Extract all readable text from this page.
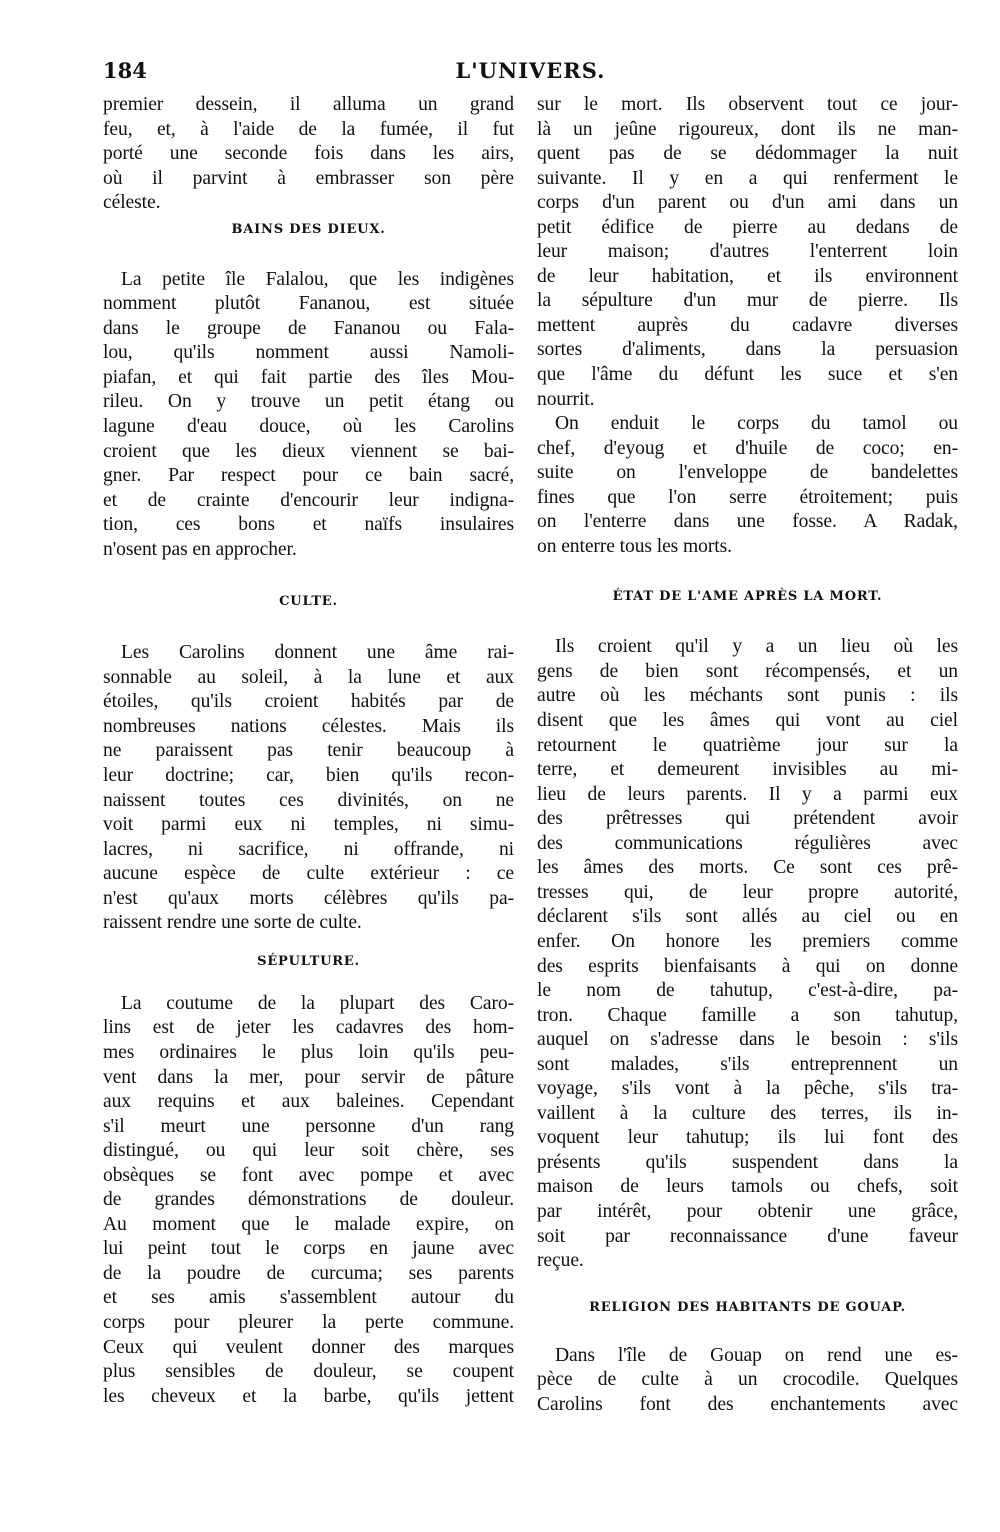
184	L'UNIVERS.
premier dessein, il alluma un grand
feu, et, à l'aide de la fumée, il fut
porté une seconde fois dans les airs,
où il parvint à embrasser son père
céleste.
BAINS DES DIEUX.
La petite île Falalou, que les indigènes
nomment plutôt Fananou, est située
dans le groupe de Fananou ou Fala-
lou, qu'ils nomment aussi Namoli-
piafan, et qui fait partie des îles Mou-
rileu. On y trouve un petit étang ou
lagune d'eau douce, où les Carolins
croient que les dieux viennent se bai-
gner. Par respect pour ce bain sacré,
et de crainte d'encourir leur indigna-
tion, ces bons et naïfs insulaires
n'osent pas en approcher.
CULTE.
Les Carolins donnent une âme rai-
sonnable au soleil, à la lune et aux
étoiles, qu'ils croient habités par de
nombreuses nations célestes. Mais ils
ne paraissent pas tenir beaucoup à
leur doctrine; car, bien qu'ils recon-
naissent toutes ces divinités, on ne
voit parmi eux ni temples, ni simu-
lacres, ni sacrifice, ni offrande, ni
aucune espèce de culte extérieur : ce
n'est qu'aux morts célèbres qu'ils pa-
raissent rendre une sorte de culte.
SÉPULTURE.
La coutume de la plupart des Caro-
lins est de jeter les cadavres des hom-
mes ordinaires le plus loin qu'ils peu-
vent dans la mer, pour servir de pâture
aux requins et aux baleines. Cependant
s'il meurt une personne d'un rang
distingué, ou qui leur soit chère, ses
obsèques se font avec pompe et avec
de grandes démonstrations de douleur.
Au moment que le malade expire, on
lui peint tout le corps en jaune avec
de la poudre de curcuma; ses parents
et ses amis s'assemblent autour du
corps pour pleurer la perte commune.
Ceux qui veulent donner des marques
plus sensibles de douleur, se coupent
les cheveux et la barbe, qu'ils jettent
sur le mort. Ils observent tout ce jour-
là un jeûne rigoureux, dont ils ne man-
quent pas de se dédommager la nuit
suivante. Il y en a qui renferment le
corps d'un parent ou d'un ami dans un
petit édifice de pierre au dedans de
leur maison; d'autres l'enterrent loin
de leur habitation, et ils environnent
la sépulture d'un mur de pierre. Ils
mettent auprès du cadavre diverses
sortes d'aliments, dans la persuasion
que l'âme du défunt les suce et s'en
nourrit.
On enduit le corps du tamol ou
chef, d'eyoug et d'huile de coco; en-
suite on l'enveloppe de bandelettes
fines que l'on serre étroitement; puis
on l'enterre dans une fosse. A Radak,
on enterre tous les morts.
ÉTAT DE L'AME APRÈS LA MORT.
Ils croient qu'il y a un lieu où les
gens de bien sont récompensés, et un
autre où les méchants sont punis : ils
disent que les âmes qui vont au ciel
retournent le quatrième jour sur la
terre, et demeurent invisibles au mi-
lieu de leurs parents. Il y a parmi eux
des prêtresses qui prétendent avoir
des communications régulières avec
les âmes des morts. Ce sont ces prê-
tresses qui, de leur propre autorité,
déclarent s'ils sont allés au ciel ou en
enfer. On honore les premiers comme
des esprits bienfaisants à qui on donne
le nom de tahutup, c'est-à-dire, pa-
tron. Chaque famille a son tahutup,
auquel on s'adresse dans le besoin : s'ils
sont malades, s'ils entreprennent un
voyage, s'ils vont à la pêche, s'ils tra-
vaillent à la culture des terres, ils in-
voquent leur tahutup; ils lui font des
présents qu'ils suspendent dans la
maison de leurs tamols ou chefs, soit
par intérêt, pour obtenir une grâce,
soit par reconnaissance d'une faveur
reçue.
RELIGION DES HABITANTS DE GOUAP.
Dans l'île de Gouap on rend une es-
pèce de culte à un crocodile. Quelques
Carolins font des enchantements avec
